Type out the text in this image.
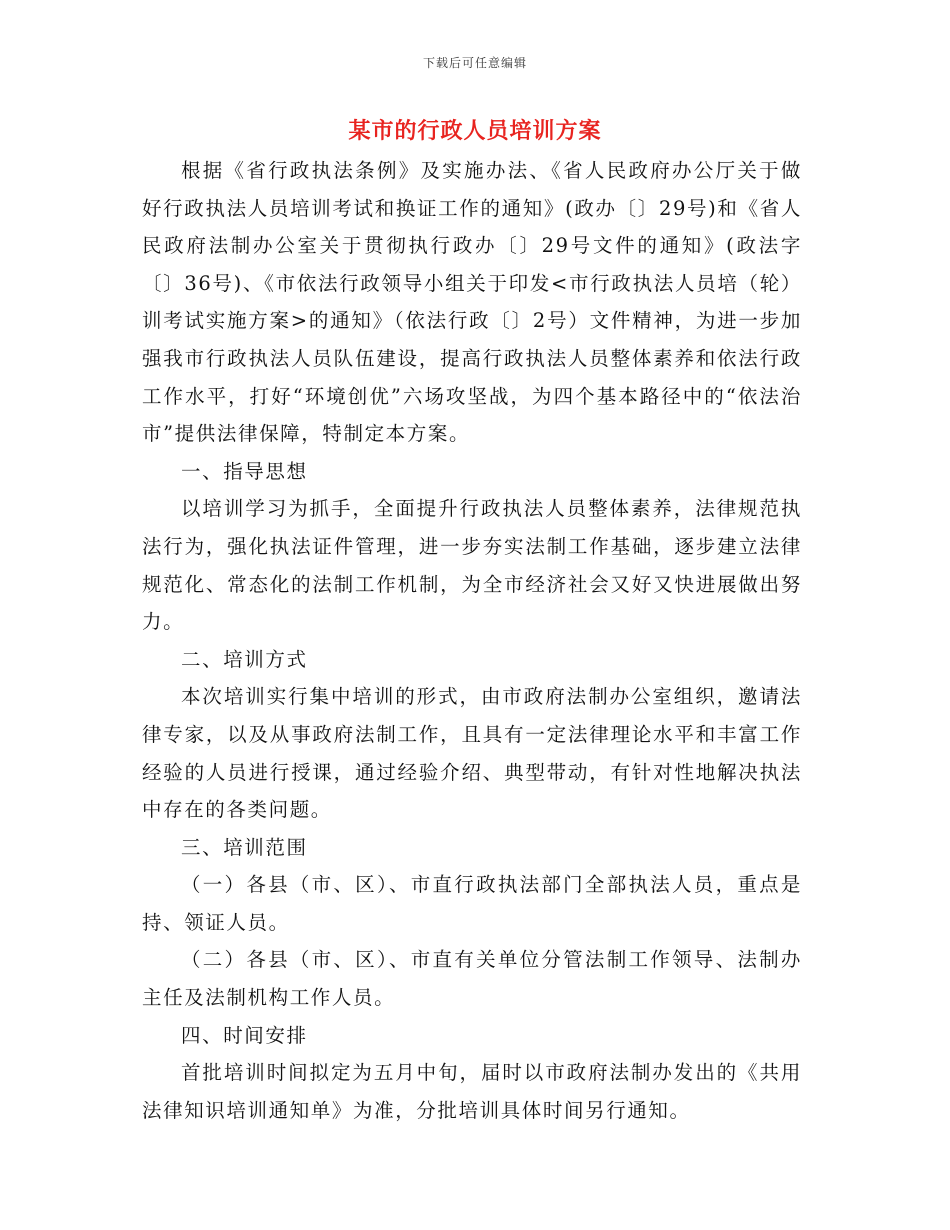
下载后可任意编辑
某市的行政人员培训方案

根据《省行政执法条例》及实施办法、《省人民政府办公厅关于做好行政执法人员培训考试和换证工作的通知》(政办〔〕29号)和《省人民政府法制办公室关于贯彻执行政办〔〕29号文件的通知》(政法字〔〕36号)、《市依法行政领导小组关于印发<市行政执法人员培（轮）训考试实施方案>的通知》（依法行政〔〕2号）文件精神，为进一步加强我市行政执法人员队伍建设，提高行政执法人员整体素养和依法行政工作水平，打好“环境创优”六场攻坚战，为四个基本路径中的“依法治市”提供法律保障，特制定本方案。

一、指导思想

以培训学习为抓手，全面提升行政执法人员整体素养，法律规范执法行为，强化执法证件管理，进一步夯实法制工作基础，逐步建立法律规范化、常态化的法制工作机制，为全市经济社会又好又快进展做出努力。

二、培训方式

本次培训实行集中培训的形式，由市政府法制办公室组织，邀请法律专家，以及从事政府法制工作，且具有一定法律理论水平和丰富工作经验的人员进行授课，通过经验介绍、典型带动，有针对性地解决执法中存在的各类问题。

三、培训范围

（一）各县（市、区）、市直行政执法部门全部执法人员，重点是持、领证人员。

（二）各县（市、区）、市直有关单位分管法制工作领导、法制办主任及法制机构工作人员。

四、时间安排

首批培训时间拟定为五月中旬，届时以市政府法制办发出的《共用法律知识培训通知单》为准，分批培训具体时间另行通知。
